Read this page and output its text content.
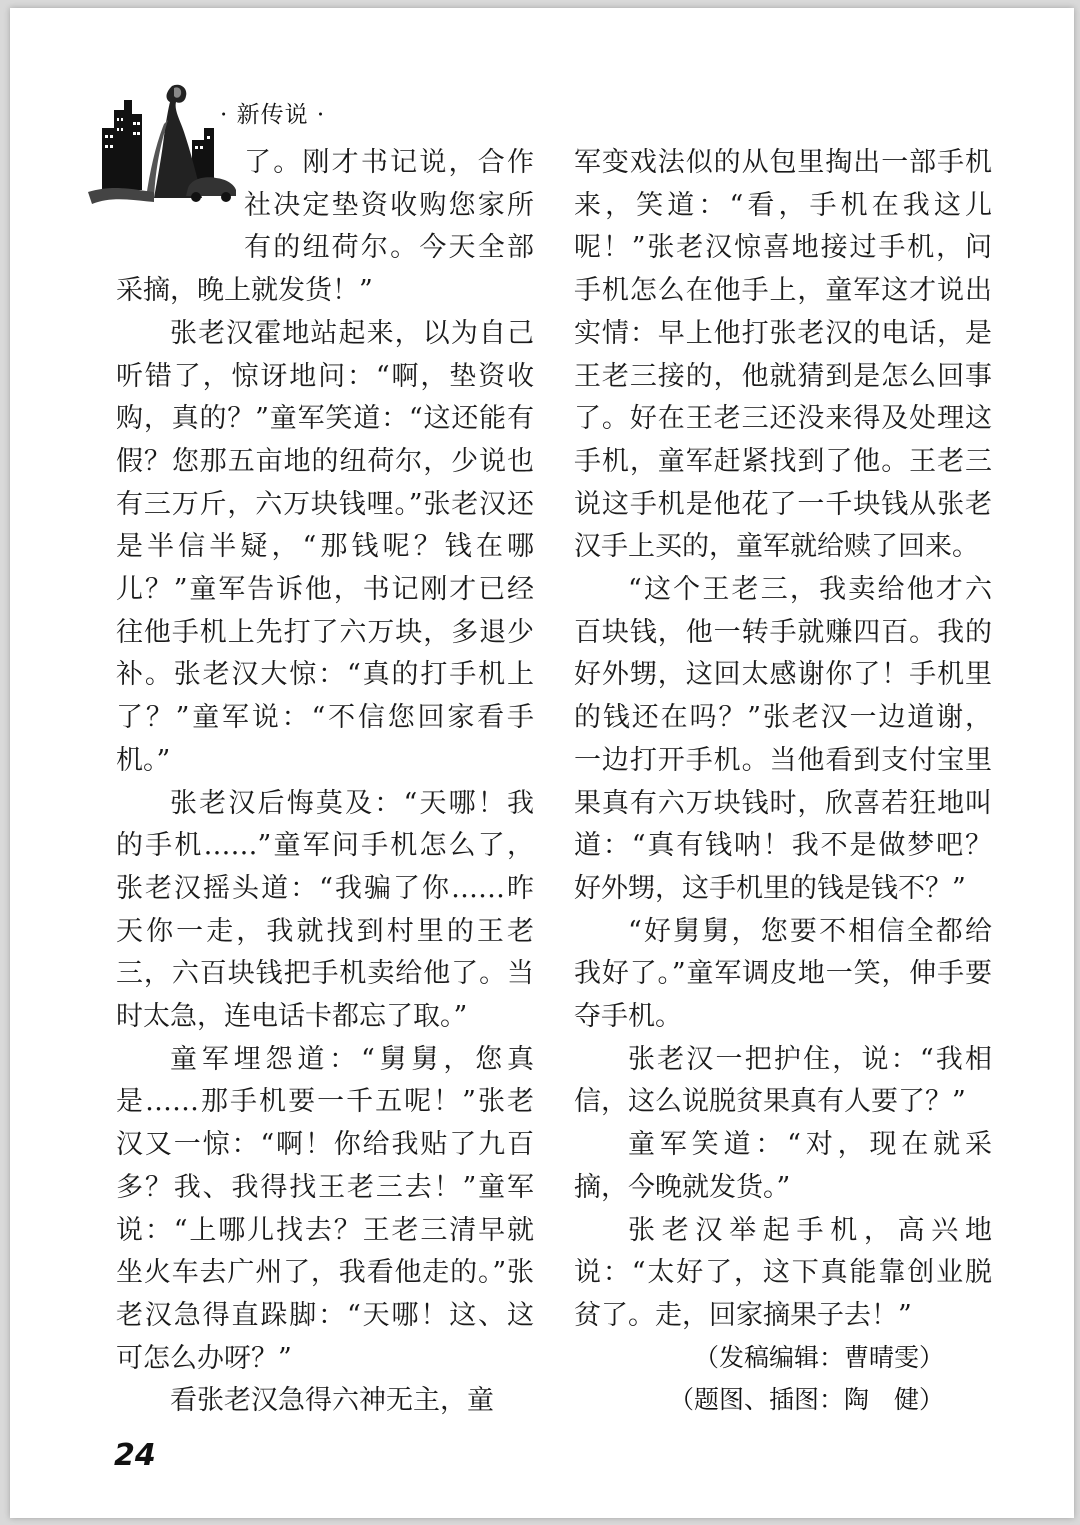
· 新传说 ·

了。刚才书记说，合作社决定垫资收购您家所有的纽荷尔。今天全部采摘，晚上就发货！”

张老汉霍地站起来，以为自己听错了，惊讶地问：“啊，垫资收购，真的？”童军笑道：“这还能有假？您那五亩地的纽荷尔，少说也有三万斤，六万块钱哩。”张老汉还是半信半疑，“那钱呢？钱在哪儿？”童军告诉他，书记刚才已经往他手机上先打了六万块，多退少补。张老汉大惊：“真的打手机上了？”童军说：“不信您回家看手机。”

张老汉后悔莫及：“天哪！我的手机……”童军问手机怎么了，张老汉摇头道：“我骗了你……昨天你一走，我就找到村里的王老三，六百块钱把手机卖给他了。当时太急，连电话卡都忘了取。”

童军埋怨道：“舅舅，您真是……那手机要一千五呢！”张老汉又一惊：“啊！你给我贴了九百多？我、我得找王老三去！”童军说：“上哪儿找去？王老三清早就坐火车去广州了，我看他走的。”张老汉急得直跺脚：“天哪！这、这可怎么办呀？”

看张老汉急得六神无主，童

军变戏法似的从包里掏出一部手机来，笑道：“看，手机在我这儿呢！”张老汉惊喜地接过手机，问手机怎么在他手上，童军这才说出实情：早上他打张老汉的电话，是王老三接的，他就猜到是怎么回事了。好在王老三还没来得及处理这手机，童军赶紧找到了他。王老三说这手机是他花了一千块钱从张老汉手上买的，童军就给赎了回来。

“这个王老三，我卖给他才六百块钱，他一转手就赚四百。我的好外甥，这回太感谢你了！手机里的钱还在吗？”张老汉一边道谢，一边打开手机。当他看到支付宝里果真有六万块钱时，欣喜若狂地叫道：“真有钱呐！我不是做梦吧？好外甥，这手机里的钱是钱不？”

“好舅舅，您要不相信全都给我好了。”童军调皮地一笑，伸手要夺手机。

张老汉一把护住，说：“我相信，这么说脱贫果真有人要了？”

童军笑道：“对，现在就采摘，今晚就发货。”

张老汉举起手机，高兴地说：“太好了，这下真能靠创业脱贫了。走，回家摘果子去！”

（发稿编辑：曹晴雯）
（题图、插图：陶　健）
24
